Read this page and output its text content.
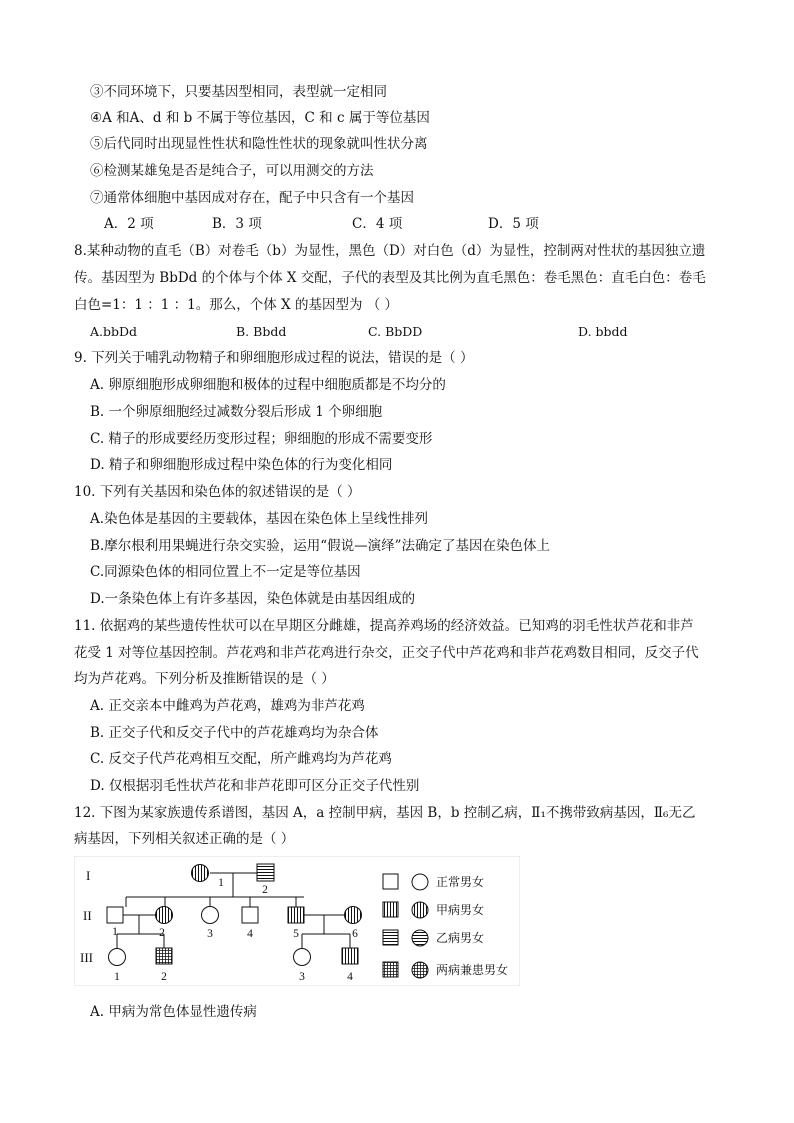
③不同环境下，只要基因型相同，表型就一定相同
④A 和A、d 和 b 不属于等位基因，C 和 c 属于等位基因
⑤后代同时出现显性性状和隐性性状的现象就叫性状分离
⑥检测某雄兔是否是纯合子，可以用测交的方法
⑦通常体细胞中基因成对存在，配子中只含有一个基因
A．2 项	B．3 项	C．4 项	D．5 项
8.某种动物的直毛（B）对卷毛（b）为显性，黑色（D）对白色（d）为显性，控制两对性状的基因独立遗
传。基因型为 BbDd 的个体与个体 X 交配，子代的表型及其比例为直毛黑色：卷毛黑色：直毛白色：卷毛
白色=1：1 ：1 ：1。那么，个体 X 的基因型为 （ ）
A.bbDd	B. Bbdd	C. BbDD	D. bbdd
9. 下列关于哺乳动物精子和卵细胞形成过程的说法，错误的是（ ）
A. 卵原细胞形成卵细胞和极体的过程中细胞质都是不均分的
B. 一个卵原细胞经过减数分裂后形成 1 个卵细胞
C. 精子的形成要经历变形过程；卵细胞的形成不需要变形
D. 精子和卵细胞形成过程中染色体的行为变化相同
10. 下列有关基因和染色体的叙述错误的是（ ）
A.染色体是基因的主要载体，基因在染色体上呈线性排列
B.摩尔根利用果蝇进行杂交实验，运用“假说—演绎”法确定了基因在染色体上
C.同源染色体的相同位置上不一定是等位基因
D.一条染色体上有许多基因，染色体就是由基因组成的
11. 依据鸡的某些遗传性状可以在早期区分雌雄，提高养鸡场的经济效益。已知鸡的羽毛性状芦花和非芦
花受 1 对等位基因控制。芦花鸡和非芦花鸡进行杂交，正交子代中芦花鸡和非芦花鸡数目相同，反交子代
均为芦花鸡。下列分析及推断错误的是（ ）
A. 正交亲本中雌鸡为芦花鸡，雄鸡为非芦花鸡
B. 正交子代和反交子代中的芦花雄鸡均为杂合体
C. 反交子代芦花鸡相互交配，所产雌鸡均为芦花鸡
D. 仅根据羽毛性状芦花和非芦花即可区分正交子代性别
12. 下图为某家族遗传系谱图，基因 A，a 控制甲病，基因 B，b 控制乙病，Ⅱ₁不携带致病基因，Ⅱ₆无乙
病基因，下列相关叙述正确的是（ ）
I
II
III
1
2
1	2	3	4	5	6
1	2	3	4
正常男女
甲病男女
乙病男女
两病兼患男女
A. 甲病为常色体显性遗传病
